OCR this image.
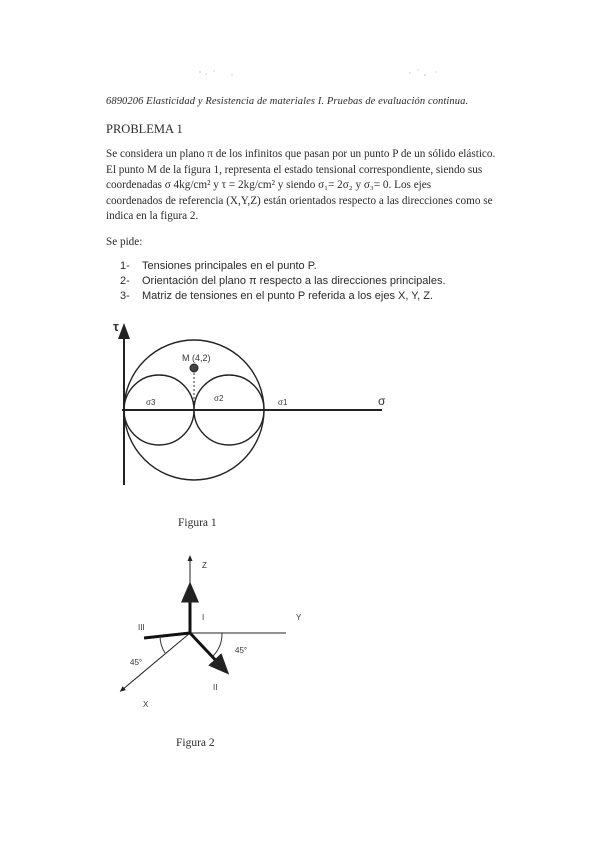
6890206 Elasticidad y Resistencia de materiales I. Pruebas de evaluación continua.
PROBLEMA 1
Se considera un plano π de los infinitos que pasan por un punto P de un sólido elástico.
El punto M de la figura 1, representa el estado tensional correspondiente, siendo sus
coordenadas σ 4kg/cm² y τ = 2kg/cm² y siendo σ₁= 2σ₂ y σ₃= 0. Los ejes
coordenados de referencia (X,Y,Z) están orientados respecto a las direcciones como se
indica en la figura 2.
Se pide:
1- Tensiones principales en el punto P.
2- Orientación del plano π respecto a las direcciones principales.
3- Matriz de tensiones en el punto P referida a los ejes X, Y, Z.
τ
σ
M (4,2)
σ3	σ2	σ1
Figura 1
Z
I	Y
X
III
II
45°
45°
Figura 2
